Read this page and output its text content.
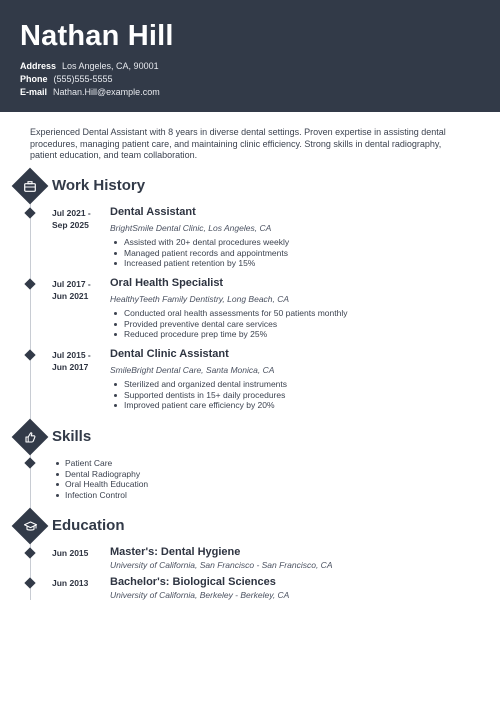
Nathan Hill
Address Los Angeles, CA, 90001
Phone (555)555-5555
E-mail Nathan.Hill@example.com
Experienced Dental Assistant with 8 years in diverse dental settings. Proven expertise in assisting dental procedures, managing patient care, and maintaining clinic efficiency. Strong skills in dental radiography, patient education, and team collaboration.
Work History
Jul 2021 -
Sep 2025
Dental Assistant
BrightSmile Dental Clinic, Los Angeles, CA
Assisted with 20+ dental procedures weekly
Managed patient records and appointments
Increased patient retention by 15%
Jul 2017 -
Jun 2021
Oral Health Specialist
HealthyTeeth Family Dentistry, Long Beach, CA
Conducted oral health assessments for 50 patients monthly
Provided preventive dental care services
Reduced procedure prep time by 25%
Jul 2015 -
Jun 2017
Dental Clinic Assistant
SmileBright Dental Care, Santa Monica, CA
Sterilized and organized dental instruments
Supported dentists in 15+ daily procedures
Improved patient care efficiency by 20%
Skills
Patient Care
Dental Radiography
Oral Health Education
Infection Control
Education
Jun 2015	Master's: Dental Hygiene
University of California, San Francisco - San Francisco, CA
Jun 2013	Bachelor's: Biological Sciences
University of California, Berkeley - Berkeley, CA
